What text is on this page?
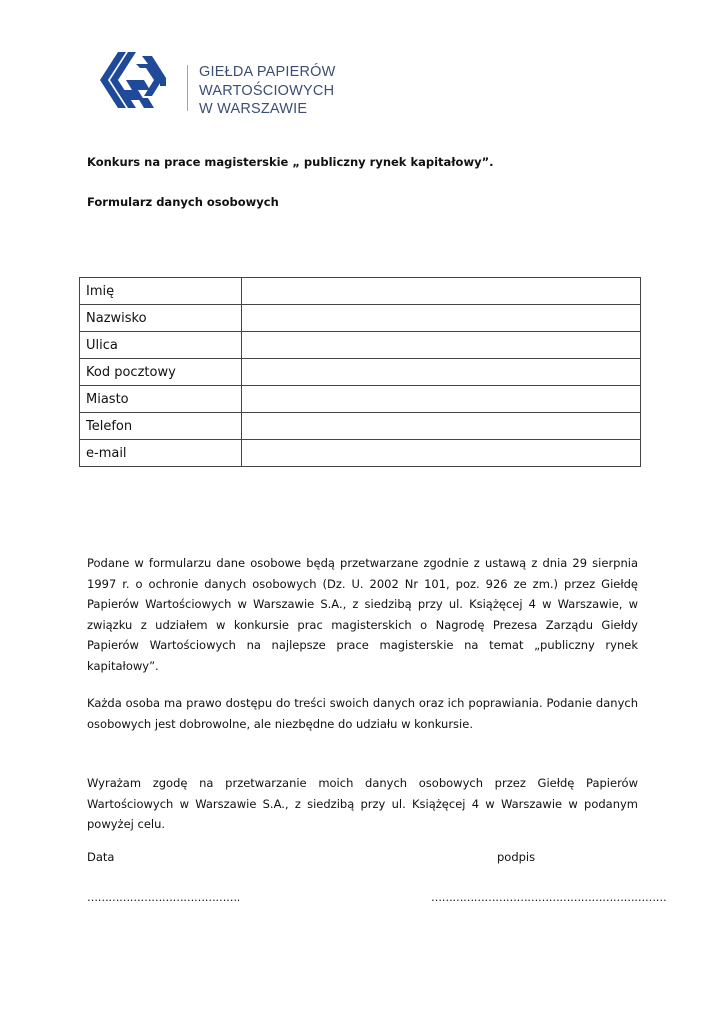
GIEŁDA PAPIERÓW
WARTOŚCIOWYCH
W WARSZAWIE
Konkurs na prace magisterskie „ publiczny rynek kapitałowy”.
Formularz danych osobowych
Imię	
Nazwisko	
Ulica	
Kod pocztowy	
Miasto	
Telefon	
e-mail	
Podane w formularzu dane osobowe będą przetwarzane zgodnie z ustawą z dnia 29 sierpnia 1997 r. o ochronie danych osobowych (Dz. U. 2002 Nr 101, poz. 926 ze zm.) przez Giełdę Papierów Wartościowych w Warszawie S.A., z siedzibą przy ul. Książęcej 4 w Warszawie, w związku z udziałem w konkursie prac magisterskich o Nagrodę Prezesa Zarządu Giełdy Papierów Wartościowych na najlepsze prace magisterskie na temat „publiczny rynek kapitałowy”.
Każda osoba ma prawo dostępu do treści swoich danych oraz ich poprawiania. Podanie danych osobowych jest dobrowolne, ale niezbędne do udziału w konkursie.
Wyrażam zgodę na przetwarzanie moich danych osobowych przez Giełdę Papierów Wartościowych w Warszawie S.A., z siedzibą przy ul. Książęcej 4 w Warszawie w podanym powyżej celu.
Data	podpis
…………………………………….	…………………………………………………………
